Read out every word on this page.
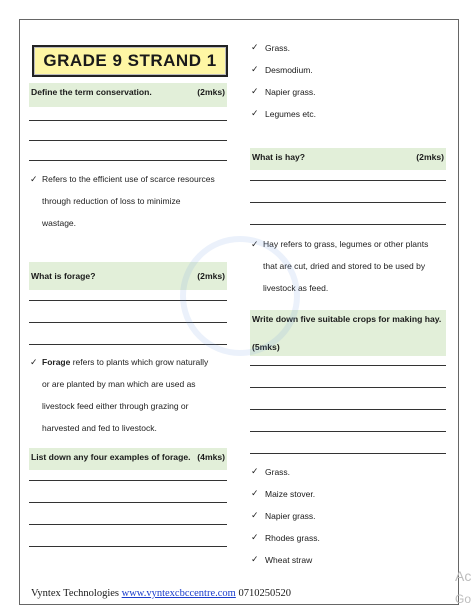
GRADE 9 STRAND 1
Define the term conservation.	(2mks)
✓ Refers to the efficient use of scarce resources
through reduction of loss to minimize
wastage.
What is forage?	(2mks)
✓ Forage refers to plants which grow naturally
or are planted by man which are used as
livestock feed either through grazing or
harvested and fed to livestock.
List down any four examples of forage. (4mks)
✓ Grass.
✓ Desmodium.
✓ Napier grass.
✓ Legumes etc.
What is hay?	(2mks)
✓ Hay refers to grass, legumes or other plants
that are cut, dried and stored to be used by
livestock as feed.
Write down five suitable crops for making hay.
(5mks)
✓ Grass.
✓ Maize stover.
✓ Napier grass.
✓ Rhodes grass.
✓ Wheat straw
Vyntex Technologies www.vyntexcbccentre.com 0710250520
Ac
Go
